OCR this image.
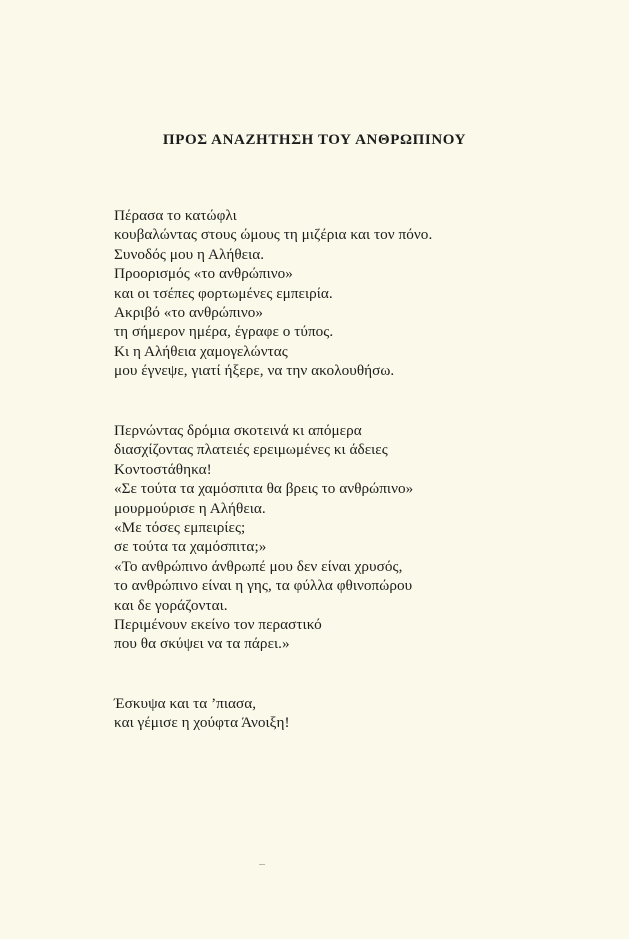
ΠΡΟΣ ΑΝΑΖΗΤΗΣΗ ΤΟΥ ΑΝΘΡΩΠΙΝΟΥ
Πέρασα το κατώφλι
κουβαλώντας στους ώμους τη μιζέρια και τον πόνο.
Συνοδός μου η Αλήθεια.
Προορισμός «το ανθρώπινο»
και οι τσέπες φορτωμένες εμπειρία.
Ακριβό «το ανθρώπινο»
τη σήμερον ημέρα, έγραφε ο τύπος.
Κι η Αλήθεια χαμογελώντας
μου έγνεψε, γιατί ήξερε, να την ακολουθήσω.
Περνώντας δρόμια σκοτεινά κι απόμερα
διασχίζοντας πλατειές ερειμωμένες κι άδειες
Κοντοστάθηκα!
«Σε τούτα τα χαμόσπιτα θα βρεις το ανθρώπινο»
μουρμούρισε η Αλήθεια.
«Με τόσες εμπειρίες;
σε τούτα τα χαμόσπιτα;»
«Το ανθρώπινο άνθρωπέ μου δεν είναι χρυσός,
το ανθρώπινο είναι η γης, τα φύλλα φθινοπώρου
και δε γοράζονται.
Περιμένουν εκείνο τον περαστικό
που θα σκύψει να τα πάρει.»
Έσκυψα και τα ’πιασα,
και γέμισε η χούφτα Άνοιξη!
